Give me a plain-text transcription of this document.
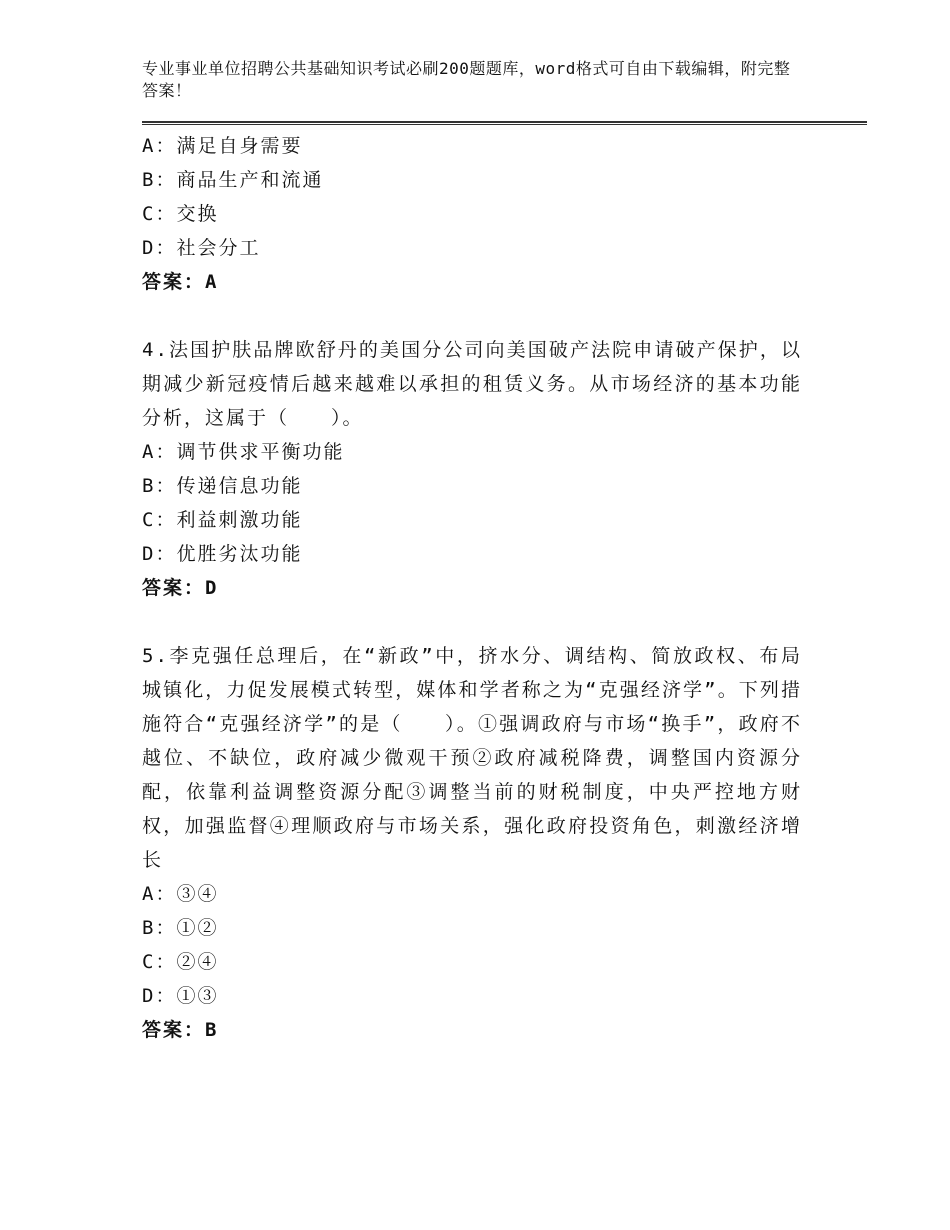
专业事业单位招聘公共基础知识考试必刷200题题库，word格式可自由下载编辑，附完整答案！
A：满足自身需要
B：商品生产和流通
C：交换
D：社会分工
答案：A
4.法国护肤品牌欧舒丹的美国分公司向美国破产法院申请破产保护，以期减少新冠疫情后越来越难以承担的租赁义务。从市场经济的基本功能分析，这属于（　　）。
A：调节供求平衡功能
B：传递信息功能
C：利益刺激功能
D：优胜劣汰功能
答案：D
5.李克强任总理后，在“新政”中，挤水分、调结构、简放政权、布局城镇化，力促发展模式转型，媒体和学者称之为“克强经济学”。下列措施符合“克强经济学”的是（　　）。①强调政府与市场“换手”，政府不越位、不缺位，政府减少微观干预②政府减税降费，调整国内资源分配，依靠利益调整资源分配③调整当前的财税制度，中央严控地方财权，加强监督④理顺政府与市场关系，强化政府投资角色，刺激经济增长
A：③④
B：①②
C：②④
D：①③
答案：B
